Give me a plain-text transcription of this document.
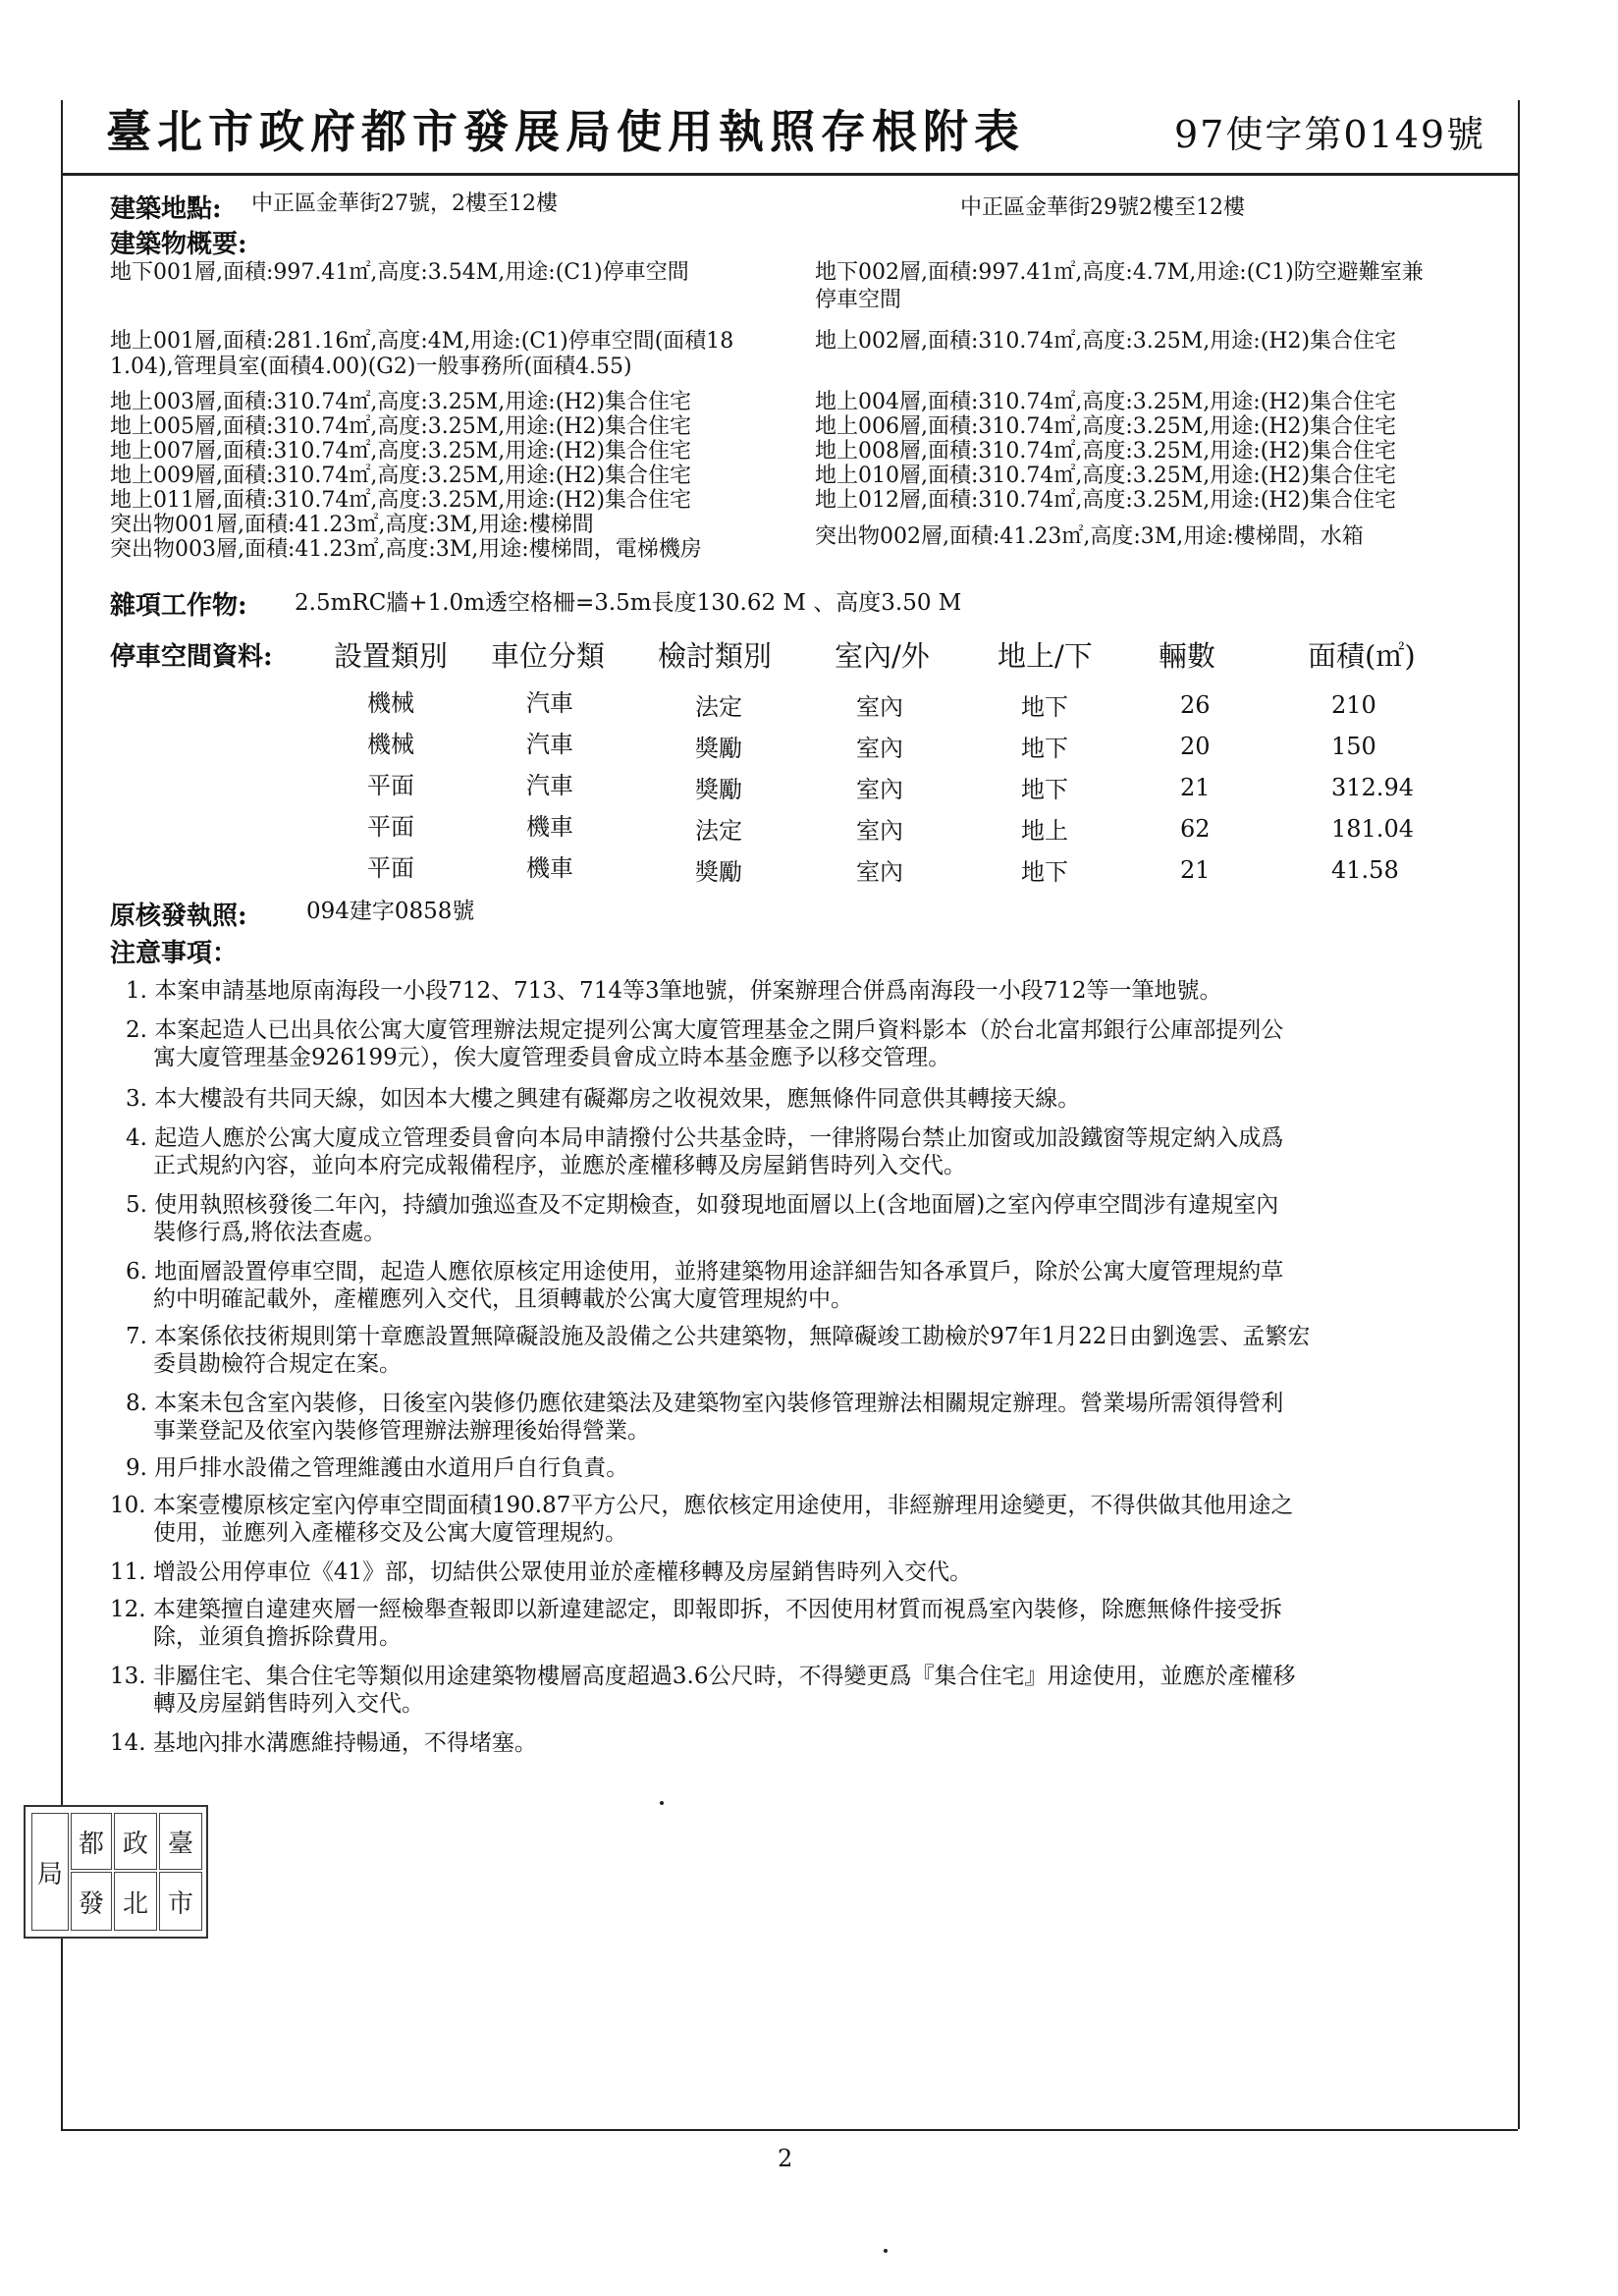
臺北市政府都市發展局使用執照存根附表	97使字第0149號
建築地點: 中正區金華街27號，2樓至12樓	中正區金華街29號2樓至12樓
建築物概要:
地下001層,面積:997.41㎡,高度:3.54M,用途:(C1)停車空間
地上001層,面積:281.16㎡,高度:4M,用途:(C1)停車空間(面積18
1.04),管理員室(面積4.00)(G2)一般事務所(面積4.55)
地上003層,面積:310.74㎡,高度:3.25M,用途:(H2)集合住宅
地上005層,面積:310.74㎡,高度:3.25M,用途:(H2)集合住宅
地上007層,面積:310.74㎡,高度:3.25M,用途:(H2)集合住宅
地上009層,面積:310.74㎡,高度:3.25M,用途:(H2)集合住宅
地上011層,面積:310.74㎡,高度:3.25M,用途:(H2)集合住宅
突出物001層,面積:41.23㎡,高度:3M,用途:樓梯間
突出物003層,面積:41.23㎡,高度:3M,用途:樓梯間，電梯機房
地下002層,面積:997.41㎡,高度:4.7M,用途:(C1)防空避難室兼
停車空間
地上002層,面積:310.74㎡,高度:3.25M,用途:(H2)集合住宅
地上004層,面積:310.74㎡,高度:3.25M,用途:(H2)集合住宅
地上006層,面積:310.74㎡,高度:3.25M,用途:(H2)集合住宅
地上008層,面積:310.74㎡,高度:3.25M,用途:(H2)集合住宅
地上010層,面積:310.74㎡,高度:3.25M,用途:(H2)集合住宅
地上012層,面積:310.74㎡,高度:3.25M,用途:(H2)集合住宅
突出物002層,面積:41.23㎡,高度:3M,用途:樓梯間，水箱
雜項工作物: 2.5mRC牆+1.0m透空格柵=3.5m長度130.62 M 、高度3.50 M
停車空間資料: 設置類別 車位分類 檢討類別 室內/外 地上/下 輛數	面積(㎡)
機械	汽車	法定	室內	地下	26	210
機械	汽車	獎勵	室內	地下	20	150
平面	汽車	獎勵	室內	地下	21	312.94
平面	機車	法定	室內	地上	62	181.04
平面	機車	獎勵	室內	地下	21	41.58
原核發執照:	094建字0858號
注意事項：
1. 本案申請基地原南海段一小段712、713、714等3筆地號，併案辦理合併爲南海段一小段712等一筆地號。
2. 本案起造人已出具依公寓大廈管理辦法規定提列公寓大廈管理基金之開戶資料影本（於台北富邦銀行公庫部提列公
寓大廈管理基金926199元），俟大廈管理委員會成立時本基金應予以移交管理。
3. 本大樓設有共同天線，如因本大樓之興建有礙鄰房之收視效果，應無條件同意供其轉接天線。
4. 起造人應於公寓大廈成立管理委員會向本局申請撥付公共基金時，一律將陽台禁止加窗或加設鐵窗等規定納入成爲
正式規約內容，並向本府完成報備程序，並應於產權移轉及房屋銷售時列入交代。
5. 使用執照核發後二年內，持續加強巡查及不定期檢查，如發現地面層以上(含地面層)之室內停車空間涉有違規室內
裝修行爲,將依法查處。
6. 地面層設置停車空間，起造人應依原核定用途使用，並將建築物用途詳細告知各承買戶，除於公寓大廈管理規約草
約中明確記載外，產權應列入交代，且須轉載於公寓大廈管理規約中。
7. 本案係依技術規則第十章應設置無障礙設施及設備之公共建築物，無障礙竣工勘檢於97年1月22日由劉逸雲、孟繁宏
委員勘檢符合規定在案。
8. 本案未包含室內裝修，日後室內裝修仍應依建築法及建築物室內裝修管理辦法相關規定辦理。營業場所需領得營利
事業登記及依室內裝修管理辦法辦理後始得營業。
9. 用戶排水設備之管理維護由水道用戶自行負責。
10. 本案壹樓原核定室內停車空間面積190.87平方公尺，應依核定用途使用，非經辦理用途變更，不得供做其他用途之
使用，並應列入產權移交及公寓大廈管理規約。
11. 增設公用停車位《41》部，切結供公眾使用並於產權移轉及房屋銷售時列入交代。
12. 本建築擅自違建夾層一經檢舉查報即以新違建認定，即報即拆，不因使用材質而視爲室內裝修，除應無條件接受拆
除，並須負擔拆除費用。
13. 非屬住宅、集合住宅等類似用途建築物樓層高度超過3.6公尺時，不得變更爲『集合住宅』用途使用，並應於產權移
轉及房屋銷售時列入交代。
14. 基地內排水溝應維持暢通，不得堵塞。
局
都
發
政
北
臺
市
2
